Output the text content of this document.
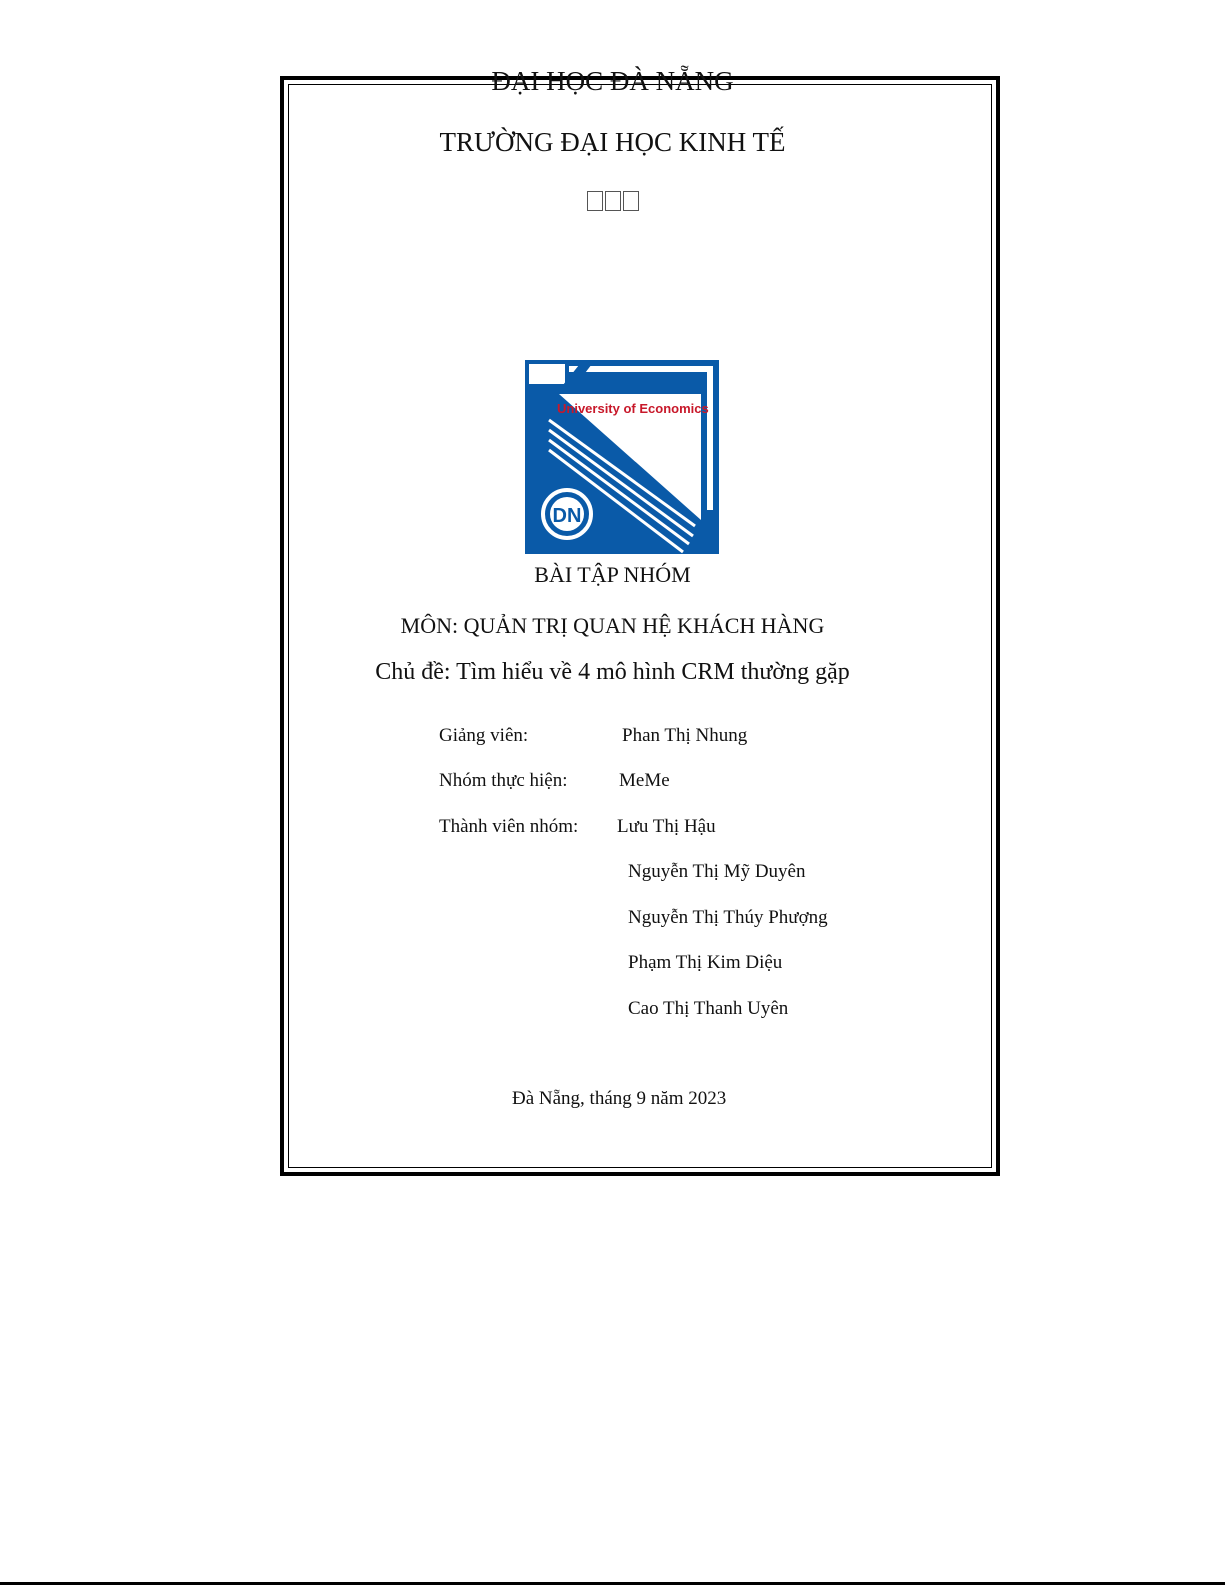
ĐẠI HỌC ĐÀ NẴNG
TRƯỜNG ĐẠI HỌC KINH TẾ
University of Economics
DN
BÀI TẬP NHÓM
MÔN: QUẢN TRỊ QUAN HỆ KHÁCH HÀNG
Chủ đề: Tìm hiểu về 4 mô hình CRM thường gặp
Giảng viên:	Phan Thị Nhung
Nhóm thực hiện:	MeMe
Thành viên nhóm: Lưu Thị Hậu
Nguyễn Thị Mỹ Duyên
Nguyễn Thị Thúy Phượng
Phạm Thị Kim Diệu
Cao Thị Thanh Uyên
Đà Nẵng, tháng 9 năm 2023
